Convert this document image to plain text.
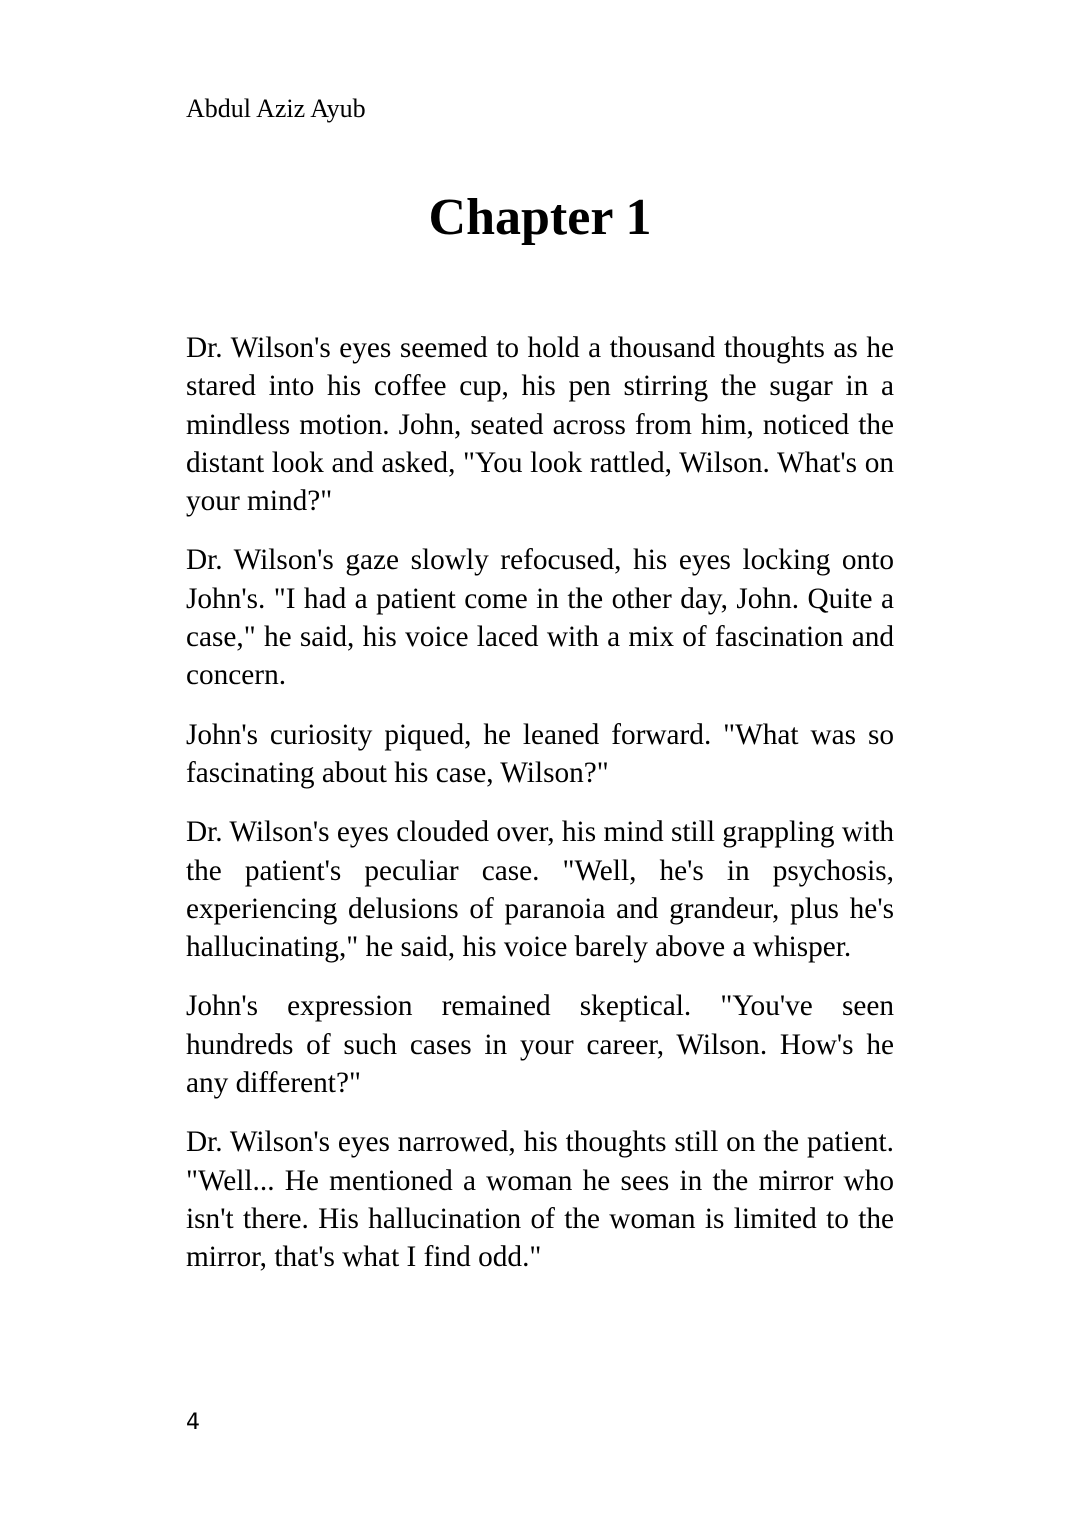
Abdul Aziz Ayub

Chapter 1

Dr. Wilson's eyes seemed to hold a thousand thoughts as he stared into his coffee cup, his pen stirring the sugar in a mindless motion. John, seated across from him, noticed the distant look and asked, "You look rattled, Wilson. What's on your mind?"

Dr. Wilson's gaze slowly refocused, his eyes locking onto John's. "I had a patient come in the other day, John. Quite a case," he said, his voice laced with a mix of fascination and concern.

John's curiosity piqued, he leaned forward. "What was so fascinating about his case, Wilson?"

Dr. Wilson's eyes clouded over, his mind still grappling with the patient's peculiar case. "Well, he's in psychosis, experiencing delusions of paranoia and grandeur, plus he's hallucinating," he said, his voice barely above a whisper.

John's expression remained skeptical. "You've seen hundreds of such cases in your career, Wilson. How's he any different?"

Dr. Wilson's eyes narrowed, his thoughts still on the patient. "Well... He mentioned a woman he sees in the mirror who isn't there. His hallucination of the woman is limited to the mirror, that's what I find odd."

4
